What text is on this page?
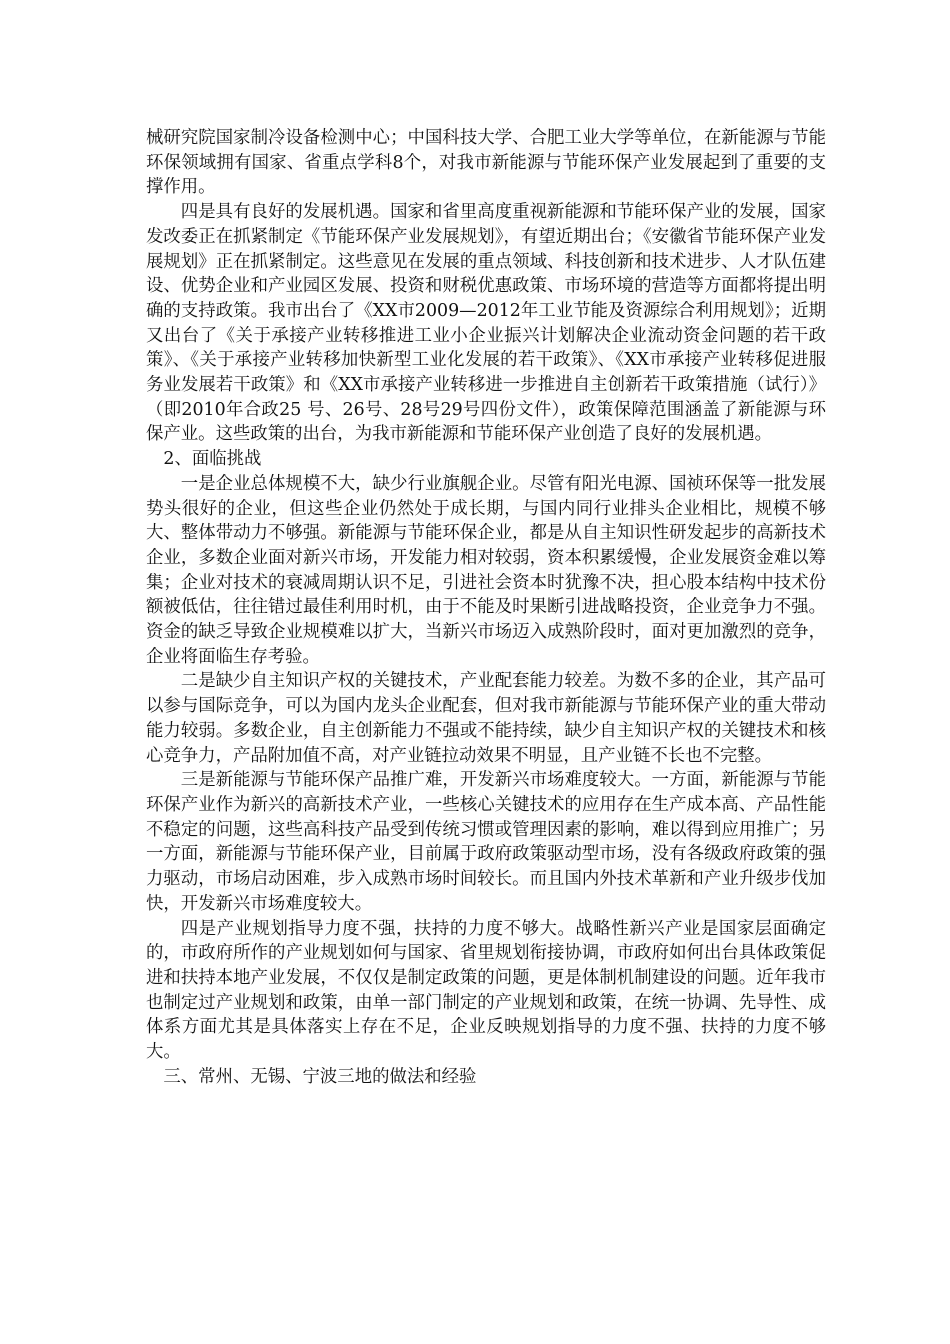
械研究院国家制冷设备检测中心；中国科技大学、合肥工业大学等单位，在新能源与节能环保领域拥有国家、省重点学科8个，对我市新能源与节能环保产业发展起到了重要的支撑作用。

四是具有良好的发展机遇。国家和省里高度重视新能源和节能环保产业的发展，国家发改委正在抓紧制定《节能环保产业发展规划》，有望近期出台；《安徽省节能环保产业发展规划》正在抓紧制定。这些意见在发展的重点领域、科技创新和技术进步、人才队伍建设、优势企业和产业园区发展、投资和财税优惠政策、市场环境的营造等方面都将提出明确的支持政策。我市出台了《XX市2009—2012年工业节能及资源综合利用规划》；近期又出台了《关于承接产业转移推进工业小企业振兴计划解决企业流动资金问题的若干政策》、《关于承接产业转移加快新型工业化发展的若干政策》、《XX市承接产业转移促进服务业发展若干政策》和《XX市承接产业转移进一步推进自主创新若干政策措施（试行）》（即2010年合政25 号、26号、28号29号四份文件），政策保障范围涵盖了新能源与环保产业。这些政策的出台，为我市新能源和节能环保产业创造了良好的发展机遇。

2、面临挑战

一是企业总体规模不大，缺少行业旗舰企业。尽管有阳光电源、国祯环保等一批发展势头很好的企业，但这些企业仍然处于成长期，与国内同行业排头企业相比，规模不够大、整体带动力不够强。新能源与节能环保企业，都是从自主知识性研发起步的高新技术企业，多数企业面对新兴市场，开发能力相对较弱，资本积累缓慢，企业发展资金难以筹集；企业对技术的衰减周期认识不足，引进社会资本时犹豫不决，担心股本结构中技术份额被低估，往往错过最佳利用时机，由于不能及时果断引进战略投资，企业竞争力不强。资金的缺乏导致企业规模难以扩大，当新兴市场迈入成熟阶段时，面对更加激烈的竞争，企业将面临生存考验。

二是缺少自主知识产权的关键技术，产业配套能力较差。为数不多的企业，其产品可以参与国际竞争，可以为国内龙头企业配套，但对我市新能源与节能环保产业的重大带动能力较弱。多数企业，自主创新能力不强或不能持续，缺少自主知识产权的关键技术和核心竞争力，产品附加值不高，对产业链拉动效果不明显，且产业链不长也不完整。

三是新能源与节能环保产品推广难，开发新兴市场难度较大。一方面，新能源与节能环保产业作为新兴的高新技术产业，一些核心关键技术的应用存在生产成本高、产品性能不稳定的问题，这些高科技产品受到传统习惯或管理因素的影响，难以得到应用推广；另一方面，新能源与节能环保产业，目前属于政府政策驱动型市场，没有各级政府政策的强力驱动，市场启动困难，步入成熟市场时间较长。而且国内外技术革新和产业升级步伐加快，开发新兴市场难度较大。

四是产业规划指导力度不强，扶持的力度不够大。战略性新兴产业是国家层面确定的，市政府所作的产业规划如何与国家、省里规划衔接协调，市政府如何出台具体政策促进和扶持本地产业发展，不仅仅是制定政策的问题，更是体制机制建设的问题。近年我市也制定过产业规划和政策，由单一部门制定的产业规划和政策，在统一协调、先导性、成体系方面尤其是具体落实上存在不足，企业反映规划指导的力度不强、扶持的力度不够大。

三、常州、无锡、宁波三地的做法和经验
